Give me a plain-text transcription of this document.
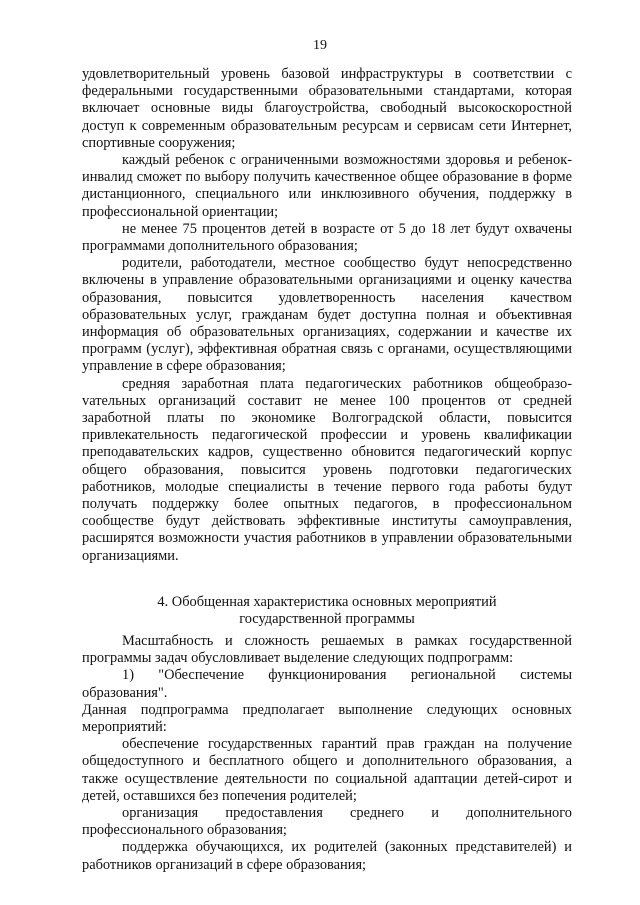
19

удовлетворительный уровень базовой инфраструктуры в соответствии с федеральными государственными образовательными стандартами, которая включает основные виды благоустройства, свободный высокоскоростной доступ к современным образовательным ресурсам и сервисам сети Интернет, спортивные сооружения;

каждый ребенок с ограниченными возможностями здоровья и ребенок-инвалид сможет по выбору получить качественное общее образование в форме дистанционного, специального или инклюзивного обучения, поддержку в профессиональной ориентации;

не менее 75 процентов детей в возрасте от 5 до 18 лет будут охвачены программами дополнительного образования;

родители, работодатели, местное сообщество будут непосредственно включены в управление образовательными организациями и оценку качества образования, повысится удовлетворенность населения качеством образовательных услуг, гражданам будет доступна полная и объективная информация об образовательных организациях, содержании и качестве их программ (услуг), эффективная обратная связь с органами, осуществляющими управление в сфере образования;

средняя заработная плата педагогических работников общеобразоvательных организаций составит не менее 100 процентов от средней заработной платы по экономике Волгоградской области, повысится привлекательность педагогической профессии и уровень квалификации преподавательских кадров, существенно обновится педагогический корпус общего образования, повысится уровень подготовки педагогических работников, молодые специалисты в течение первого года работы будут получать поддержку более опытных педагогов, в профессиональном сообществе будут действовать эффективные институты самоуправления, расширятся возможности участия работников в управлении образовательными организациями.

4. Обобщенная характеристика основных мероприятий
государственной программы

Масштабность и сложность решаемых в рамках государственной программы задач обусловливает выделение следующих подпрограмм:

1) "Обеспечение функционирования региональной системы образования".

Данная подпрограмма предполагает выполнение следующих основных мероприятий:

обеспечение государственных гарантий прав граждан на получение общедоступного и бесплатного общего и дополнительного образования, а также осуществление деятельности по социальной адаптации детей-сирот и детей, оставшихся без попечения родителей;

организация предоставления среднего и дополнительного профессионального образования;

поддержка обучающихся, их родителей (законных представителей) и работников организаций в сфере образования;
